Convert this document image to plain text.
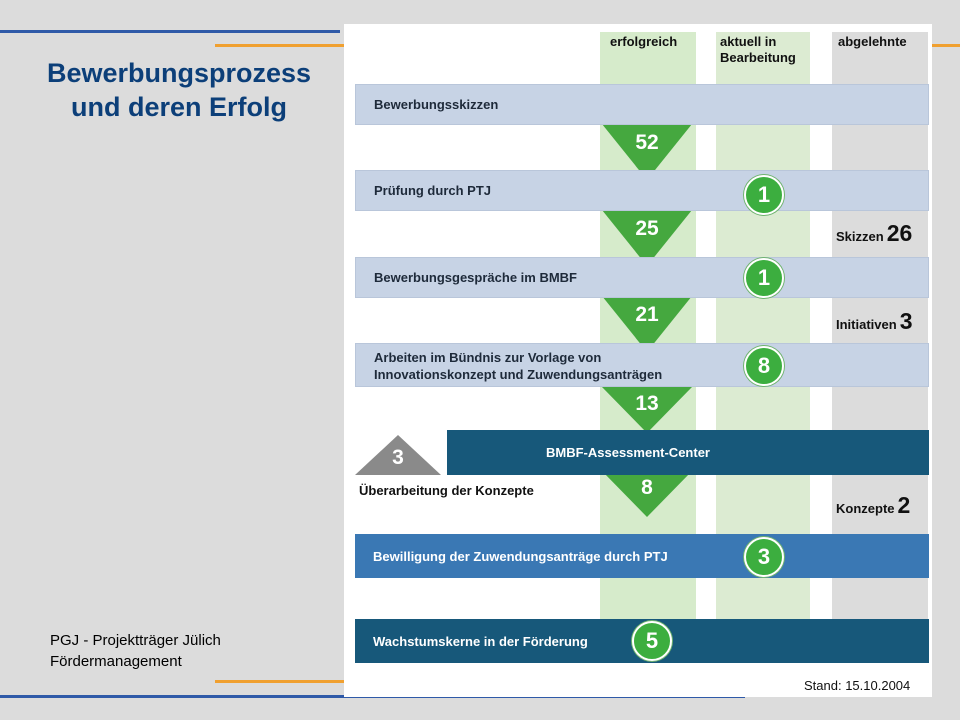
Bewerbungsprozess
und deren Erfolg
PGJ - Projektträger Jülich
Fördermanagement
erfolgreich	aktuell in
Bearbeitung
abgelehnte
52
25
21
13
8
Bewerbungsskizzen
Prüfung durch PTJ
Bewerbungsgespräche im BMBF
Arbeiten im Bündnis zur Vorlage von
Innovationskonzept und Zuwendungsanträgen
BMBF-Assessment-Center
Bewilligung der Zuwendungsanträge durch PTJ
Wachstumskerne in der Förderung
3
Überarbeitung der Konzepte
1
1
8
3
5
Skizzen 26
Initiativen 3
Konzepte 2
Stand: 15.10.2004
